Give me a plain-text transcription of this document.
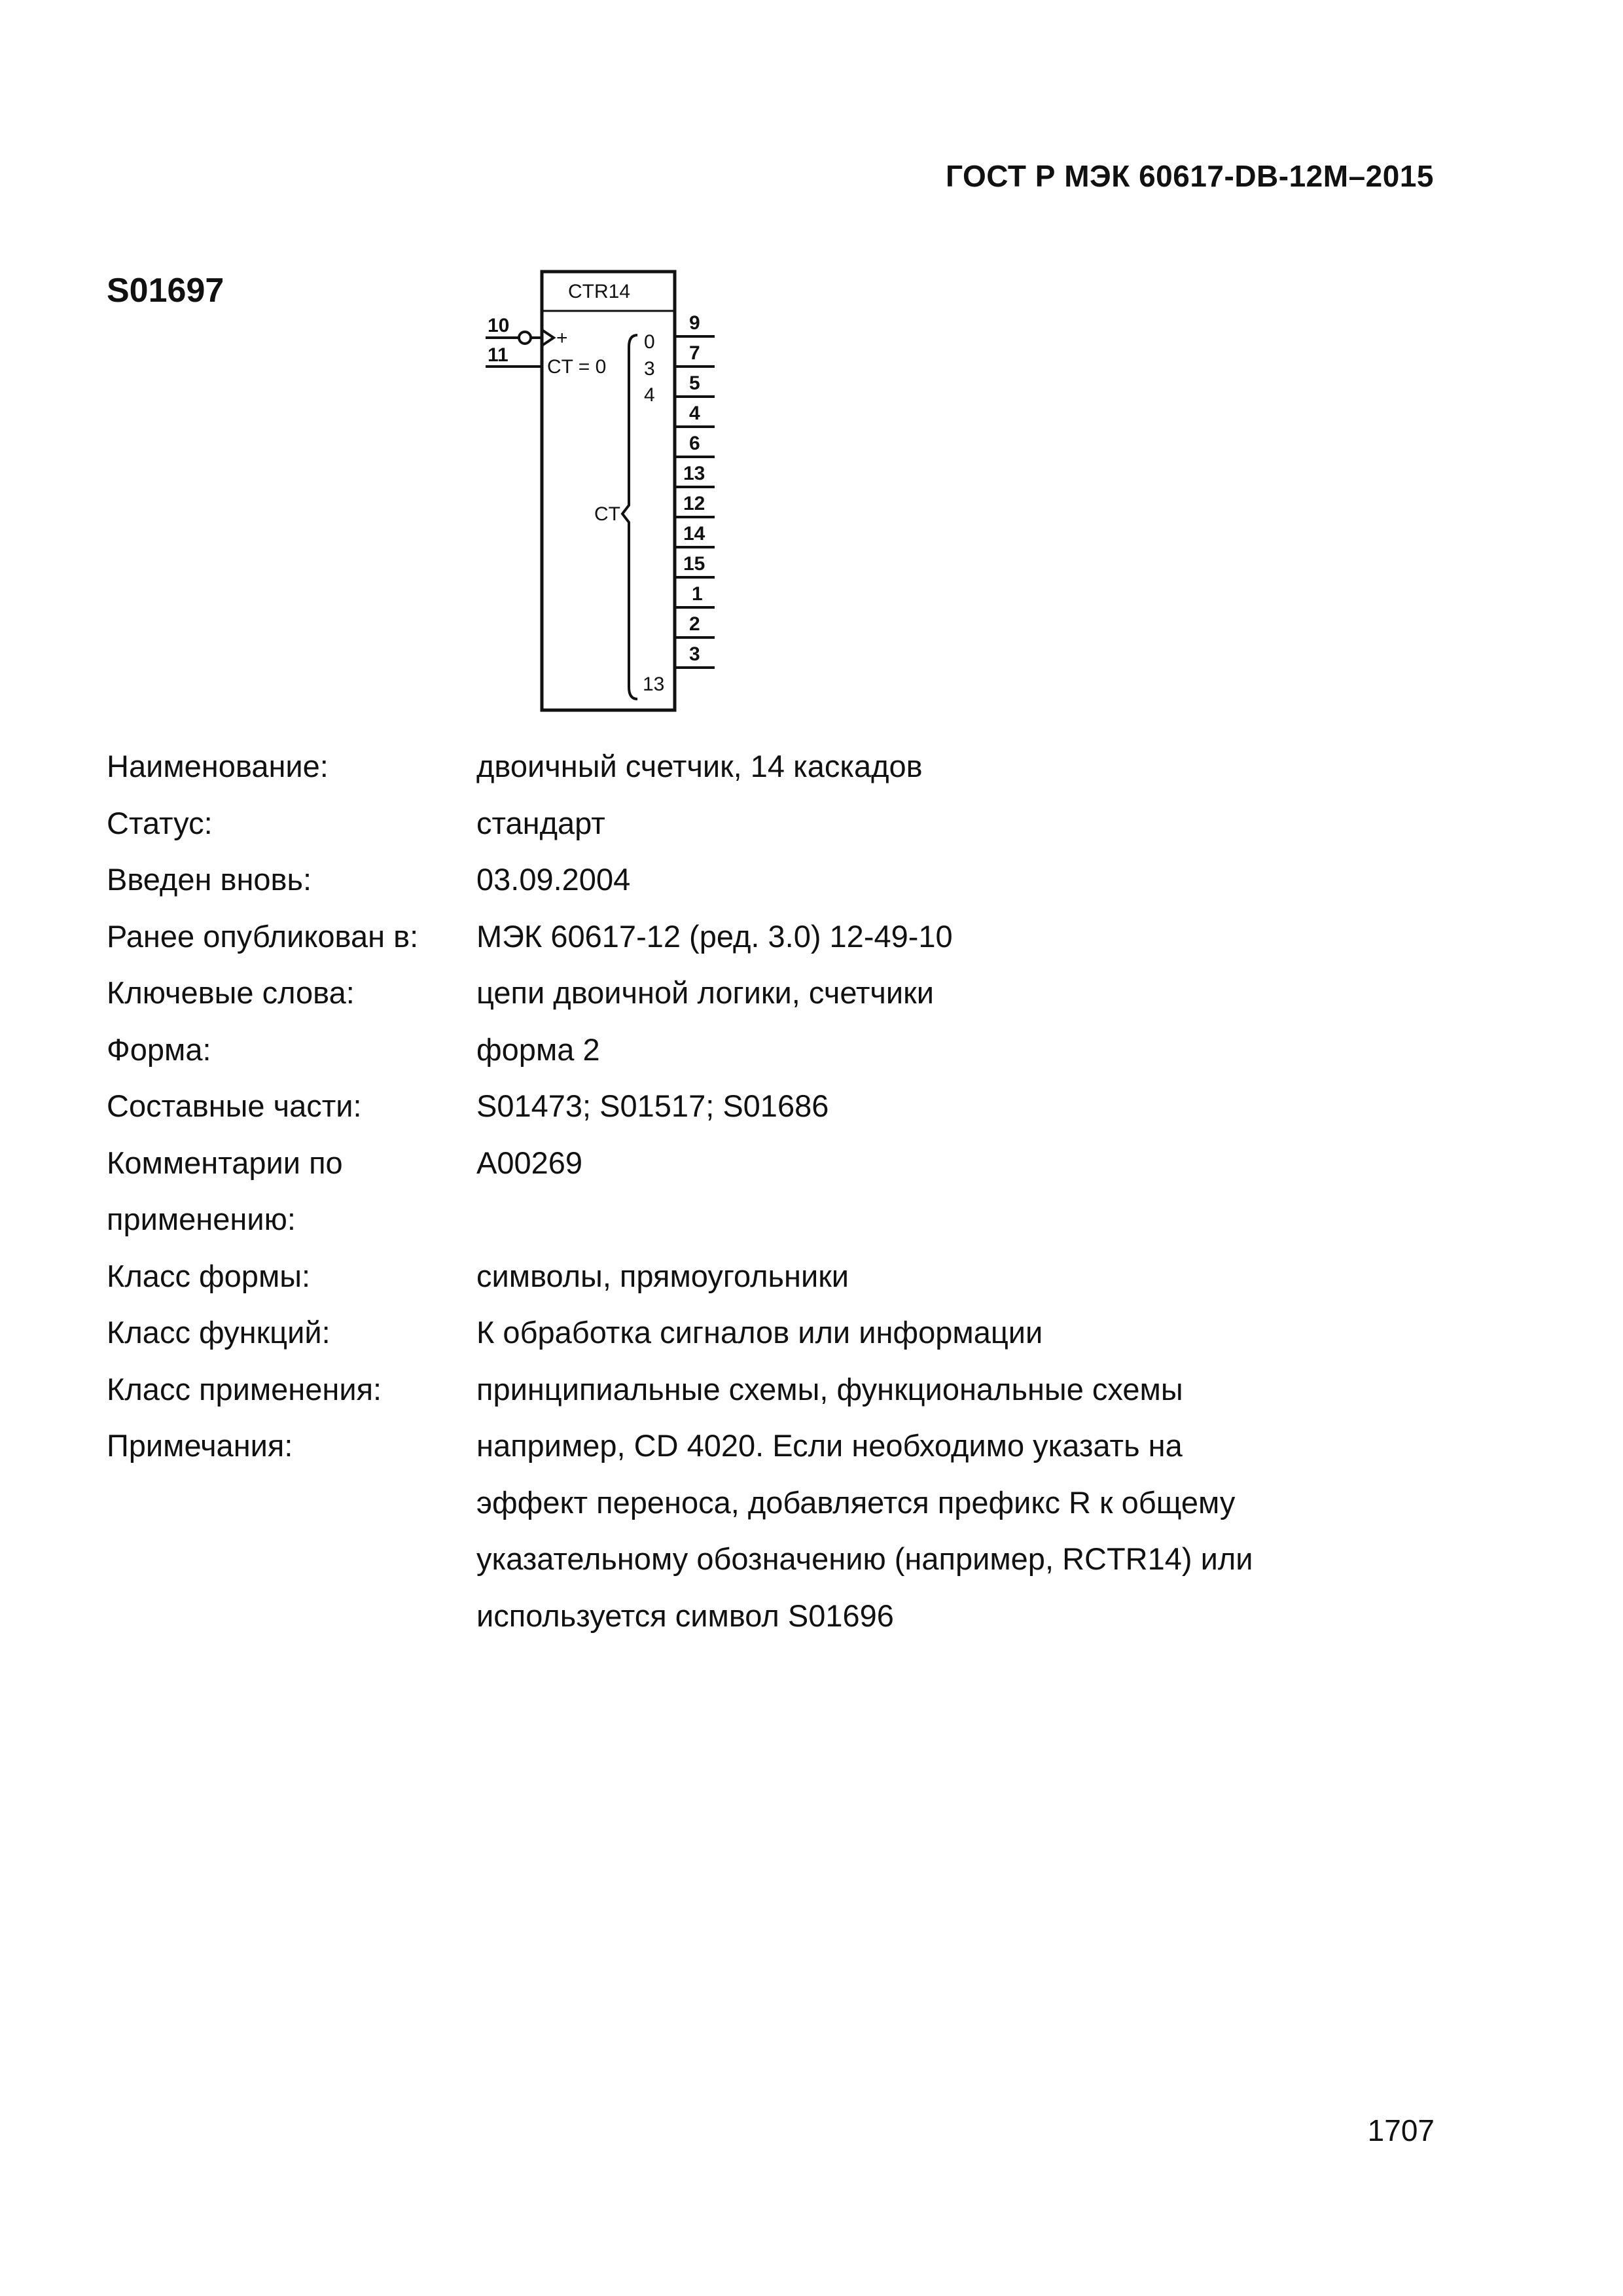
ГОСТ Р МЭК 60617-DB-12M–2015
S01697	CTR14
10
+
11
CT = 0
CT
0
3
4
13
9
7
5
4
6
13
12
14
15
1
2
3
Наименование:	двоичный счетчик, 14 каскадов
Статус:	стандарт
Введен вновь:	03.09.2004
Ранее опубликован в:	МЭК 60617-12 (ред. 3.0) 12-49-10
Ключевые слова:	цепи двоичной логики, счетчики
Форма:	форма 2
Составные части:	S01473; S01517; S01686
Комментарии по применению:
A00269
Класс формы:	символы, прямоугольники
Класс функций:	К обработка сигналов или информации
Класс применения:	принципиальные схемы, функциональные схемы
Примечания:	например, CD 4020. Если необходимо указать на
эффект переноса, добавляется префикс R к общему
указательному обозначению (например, RCTR14) или
используется символ S01696
1707
